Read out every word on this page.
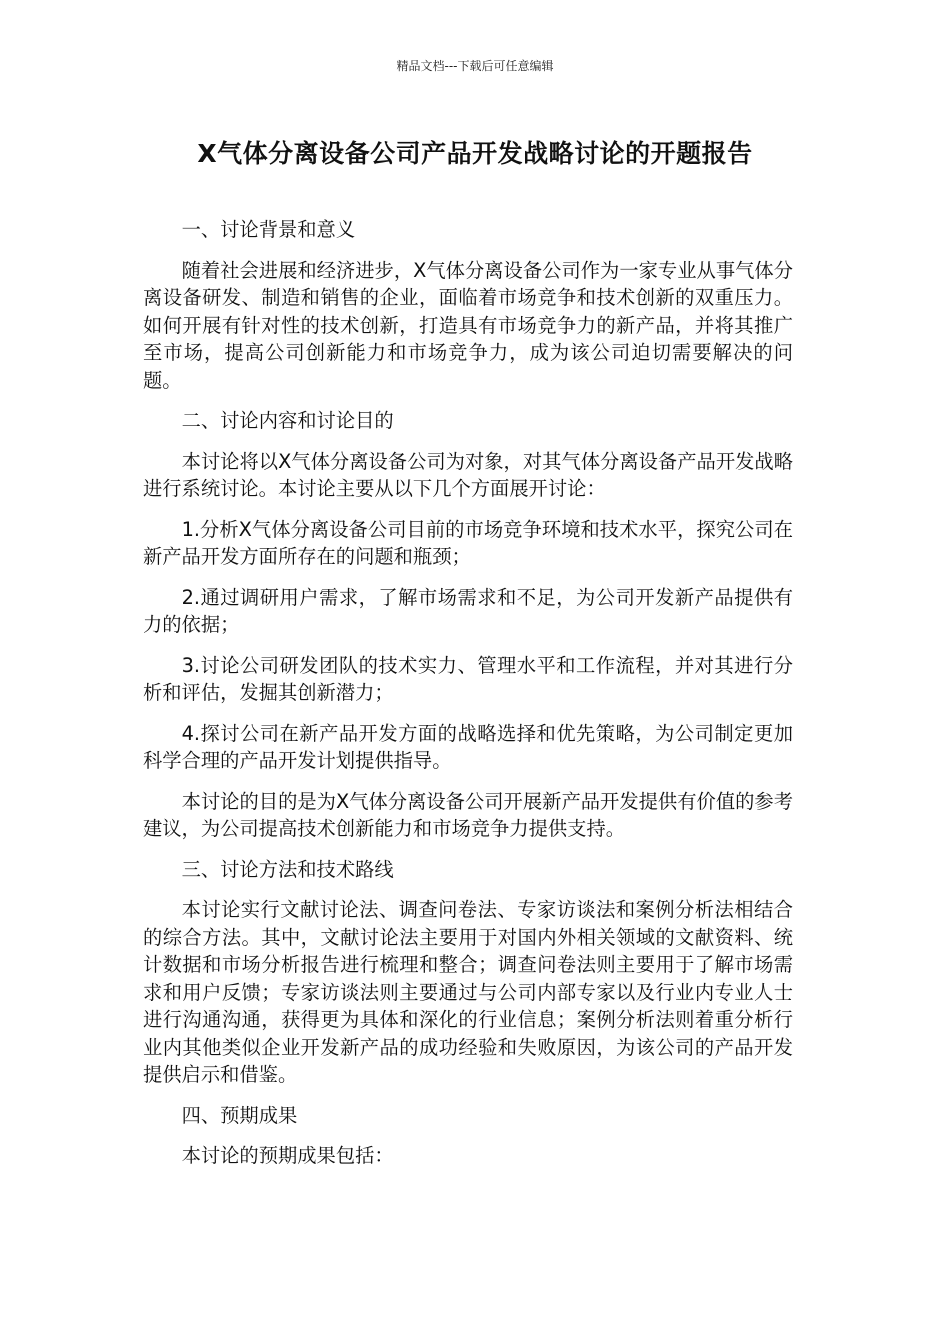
精品文档---下载后可任意编辑
X气体分离设备公司产品开发战略讨论的开题报告

一、讨论背景和意义

随着社会进展和经济进步，X气体分离设备公司作为一家专业从事气体分离设备研发、制造和销售的企业，面临着市场竞争和技术创新的双重压力。如何开展有针对性的技术创新，打造具有市场竞争力的新产品，并将其推广至市场，提高公司创新能力和市场竞争力，成为该公司迫切需要解决的问题。

二、讨论内容和讨论目的

本讨论将以X气体分离设备公司为对象，对其气体分离设备产品开发战略进行系统讨论。本讨论主要从以下几个方面展开讨论：

1.分析X气体分离设备公司目前的市场竞争环境和技术水平，探究公司在新产品开发方面所存在的问题和瓶颈；

2.通过调研用户需求，了解市场需求和不足，为公司开发新产品提供有力的依据；

3.讨论公司研发团队的技术实力、管理水平和工作流程，并对其进行分析和评估，发掘其创新潜力；

4.探讨公司在新产品开发方面的战略选择和优先策略，为公司制定更加科学合理的产品开发计划提供指导。

本讨论的目的是为X气体分离设备公司开展新产品开发提供有价值的参考建议，为公司提高技术创新能力和市场竞争力提供支持。

三、讨论方法和技术路线

本讨论实行文献讨论法、调查问卷法、专家访谈法和案例分析法相结合的综合方法。其中，文献讨论法主要用于对国内外相关领域的文献资料、统计数据和市场分析报告进行梳理和整合；调查问卷法则主要用于了解市场需求和用户反馈；专家访谈法则主要通过与公司内部专家以及行业内专业人士进行沟通沟通，获得更为具体和深化的行业信息；案例分析法则着重分析行业内其他类似企业开发新产品的成功经验和失败原因，为该公司的产品开发提供启示和借鉴。

四、预期成果

本讨论的预期成果包括：
